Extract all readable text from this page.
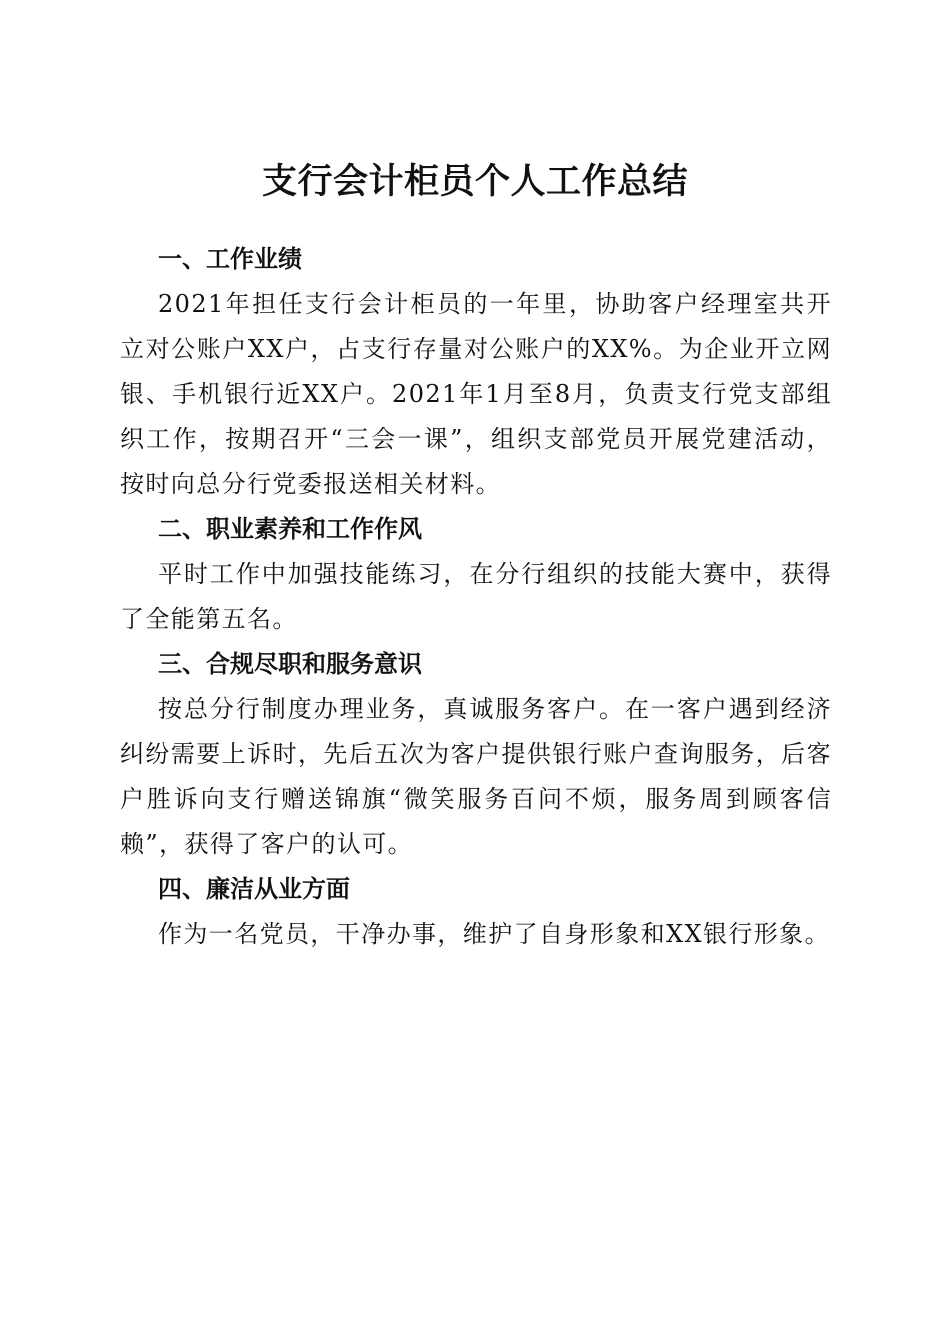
支行会计柜员个人工作总结
一、工作业绩

2021年担任支行会计柜员的一年里，协助客户经理室共开立对公账户XX户，占支行存量对公账户的XX%。为企业开立网银、手机银行近XX户。2021年1月至8月，负责支行党支部组织工作，按期召开“三会一课”，组织支部党员开展党建活动，按时向总分行党委报送相关材料。

二、职业素养和工作作风

平时工作中加强技能练习，在分行组织的技能大赛中，获得了全能第五名。

三、合规尽职和服务意识

按总分行制度办理业务，真诚服务客户。在一客户遇到经济纠纷需要上诉时，先后五次为客户提供银行账户查询服务，后客户胜诉向支行赠送锦旗“微笑服务百问不烦，服务周到顾客信赖”，获得了客户的认可。

四、廉洁从业方面

作为一名党员，干净办事，维护了自身形象和XX银行形象。
